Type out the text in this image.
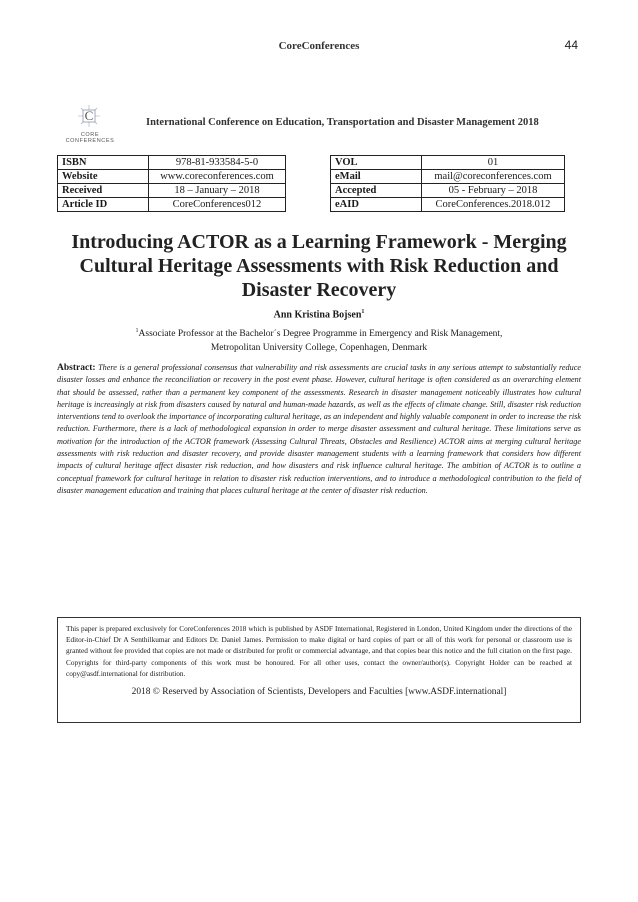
CoreConferences	44
C
CORE CONFERENCES
International Conference on Education, Transportation and Disaster Management 2018
ISBN	978-81-933584-5-0
Website	www.coreconferences.com
Received	18 – January – 2018
Article ID	CoreConferences012
VOL	01
eMail	mail@coreconferences.com
Accepted	05 - February – 2018
eAID	CoreConferences.2018.012
Introducing ACTOR as a Learning Framework - Merging Cultural Heritage Assessments with Risk Reduction and Disaster Recovery
Ann Kristina Bojsen$^1$
$^1$Associate Professor at the Bachelor´s Degree Programme in Emergency and Risk Management,
Metropolitan University College, Copenhagen, Denmark
Abstract: There is a general professional consensus that vulnerability and risk assessments are crucial tasks in any serious attempt to substantially reduce disaster losses and enhance the reconciliation or recovery in the post event phase. However, cultural heritage is often considered as an overarching element that should be assessed, rather than a permanent key component of the assessments. Research in disaster management noticeably illustrates how cultural heritage is increasingly at risk from disasters caused by natural and human-made hazards, as well as the effects of climate change. Still, disaster risk reduction interventions tend to overlook the importance of incorporating cultural heritage, as an independent and highly valuable component in order to increase the risk reduction. Furthermore, there is a lack of methodological expansion in order to merge disaster assessment and cultural heritage. These limitations serve as motivation for the introduction of the ACTOR framework (Assessing Cultural Threats, Obstacles and Resilience) ACTOR aims at merging cultural heritage assessments with risk reduction and disaster recovery, and provide disaster management students with a learning framework that considers how different impacts of cultural heritage affect disaster risk reduction, and how disasters and risk influence cultural heritage. The ambition of ACTOR is to outline a conceptual framework for cultural heritage in relation to disaster risk reduction interventions, and to introduce a methodological contribution to the field of disaster management education and training that places cultural heritage at the center of disaster risk reduction.
This paper is prepared exclusively for CoreConferences 2018 which is published by ASDF International, Registered in London, United Kingdom under the directions of the Editor-in-Chief Dr A Senthilkumar and Editors Dr. Daniel James. Permission to make digital or hard copies of part or all of this work for personal or classroom use is granted without fee provided that copies are not made or distributed for profit or commercial advantage, and that copies bear this notice and the full citation on the first page. Copyrights for third-party components of this work must be honoured. For all other uses, contact the owner/author(s). Copyright Holder can be reached at copy@asdf.international for distribution.
2018 © Reserved by Association of Scientists, Developers and Faculties [www.ASDF.international]
